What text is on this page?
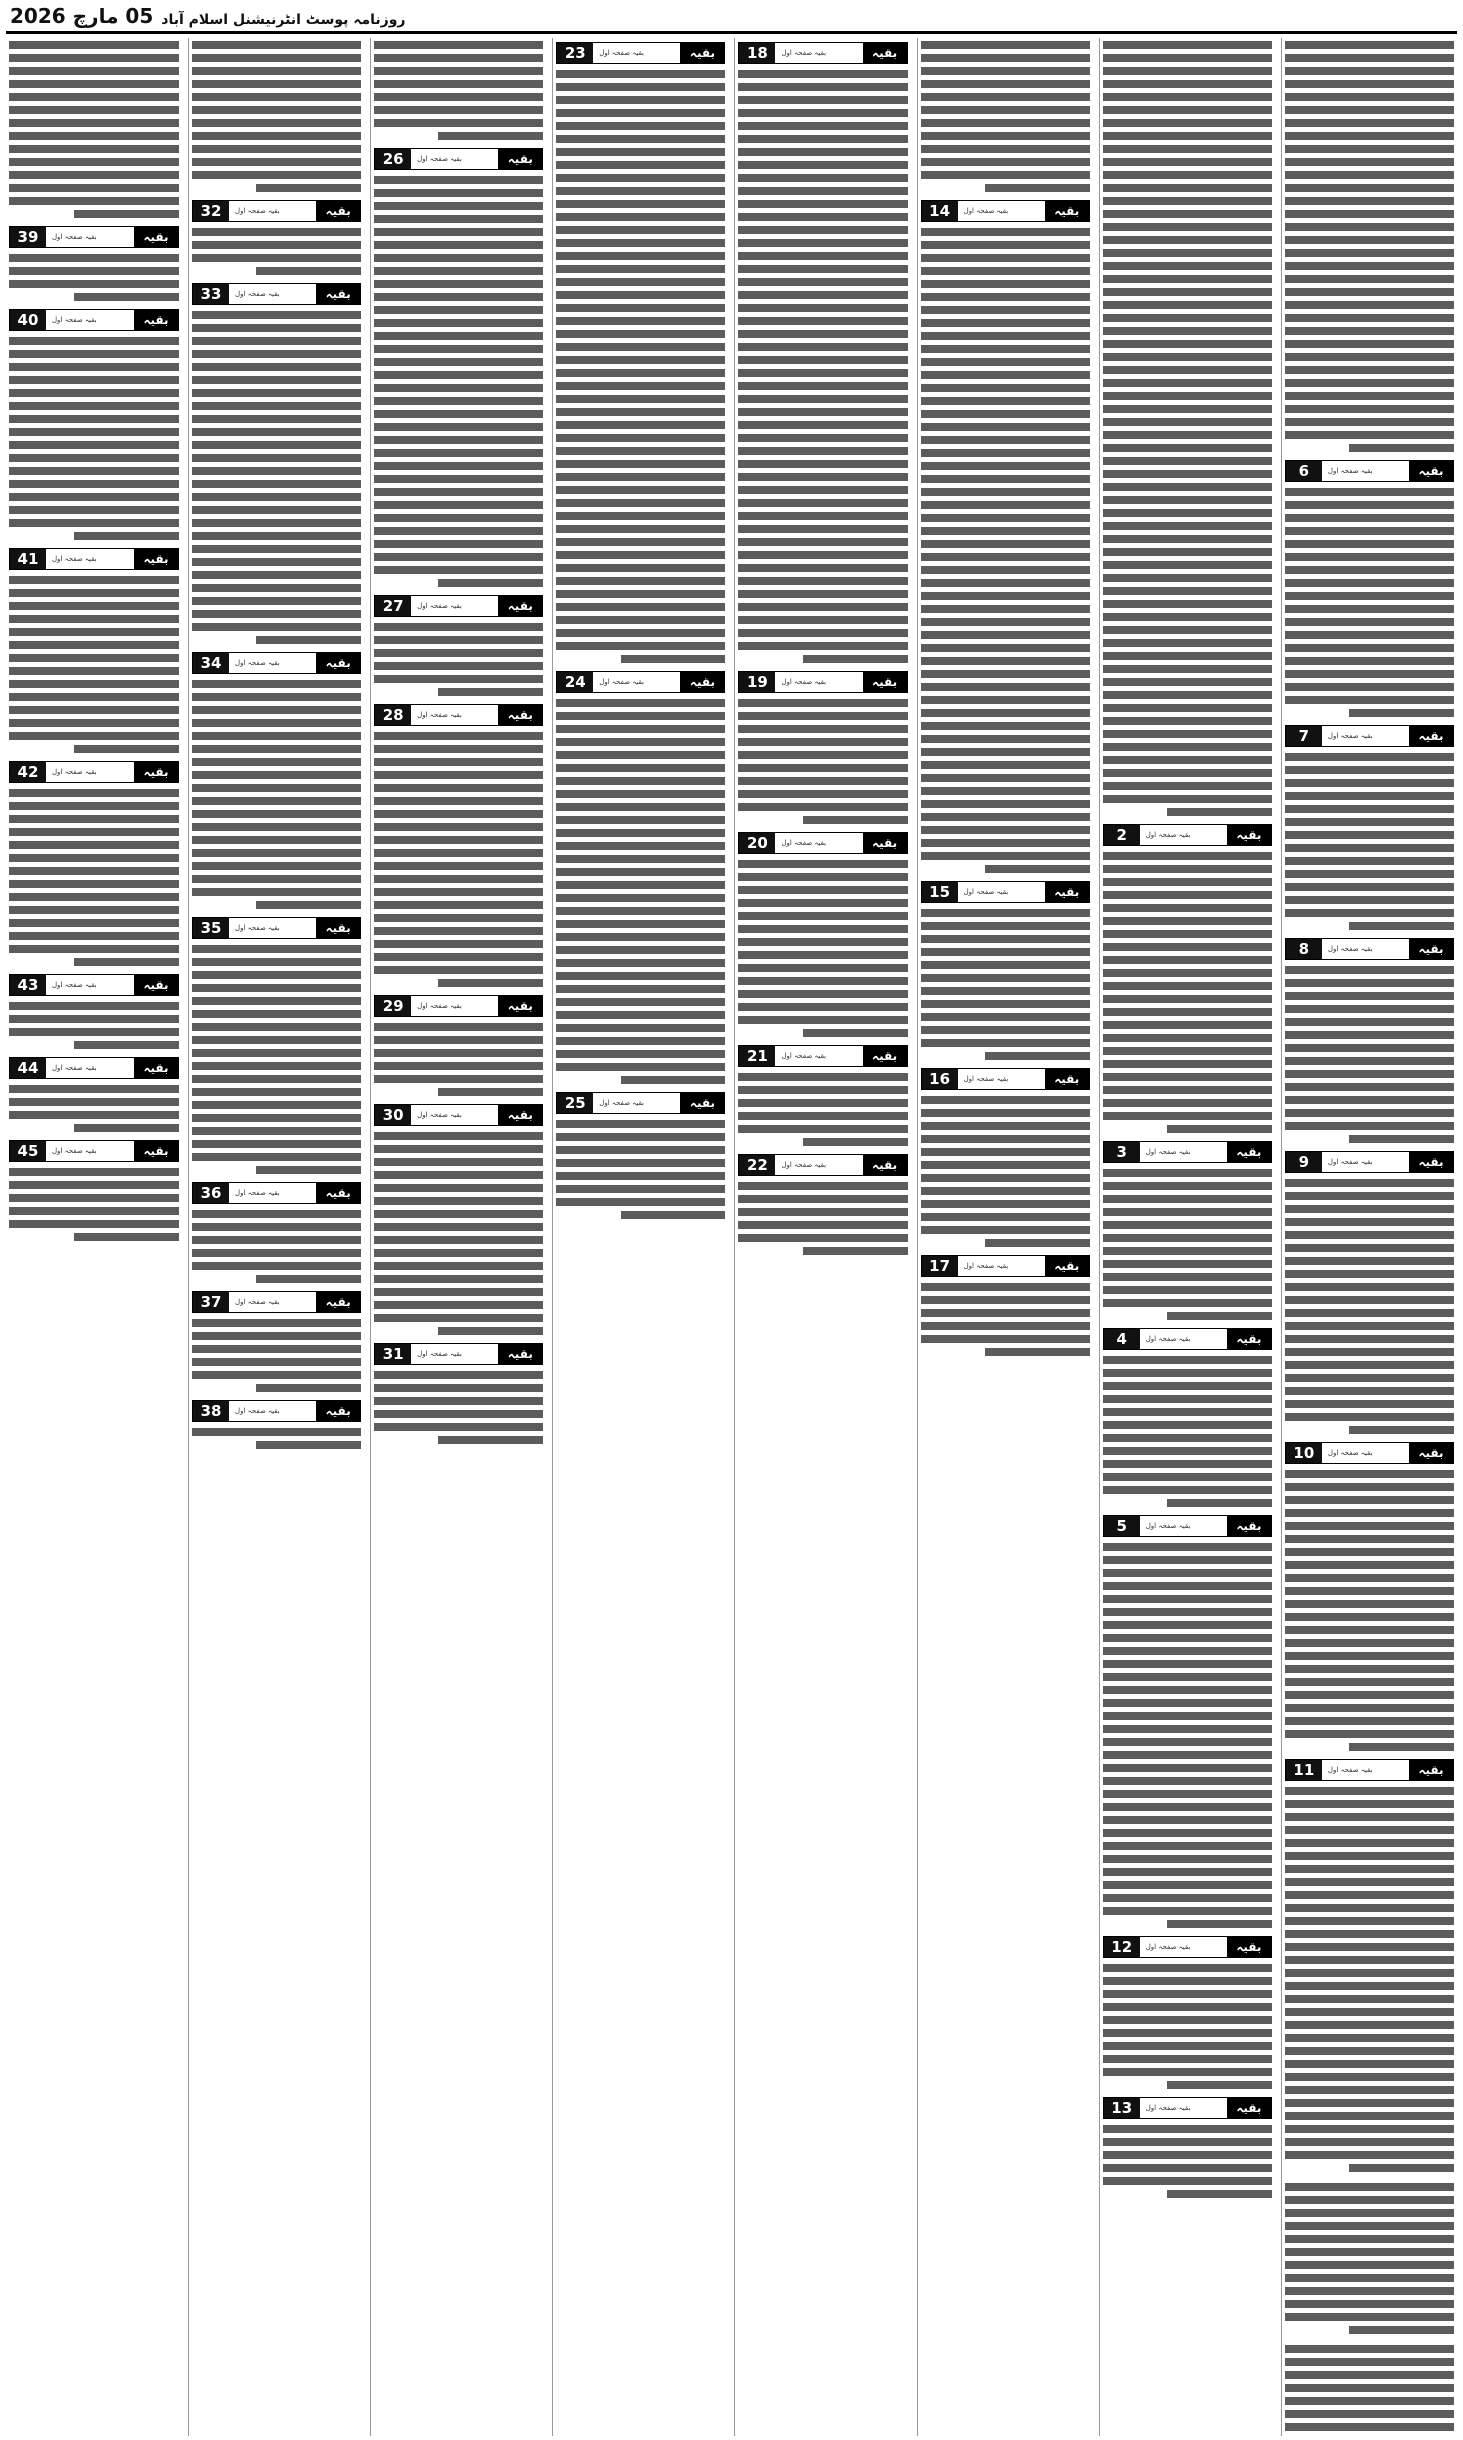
روزنامہ پوسٹ انٹرنیشنل اسلام آباد
05 مارچ 2026
بقیہ
بقیہ صفحہ اول
6
بقیہ
بقیہ صفحہ اول
7
بقیہ
بقیہ صفحہ اول
8
بقیہ
بقیہ صفحہ اول
9
بقیہ
بقیہ صفحہ اول
10
بقیہ
بقیہ صفحہ اول
11
بقیہ
بقیہ صفحہ اول
2
بقیہ
بقیہ صفحہ اول
3
بقیہ
بقیہ صفحہ اول
4
بقیہ
بقیہ صفحہ اول
5
بقیہ
بقیہ صفحہ اول
12
بقیہ
بقیہ صفحہ اول
13
بقیہ
بقیہ صفحہ اول
14
بقیہ
بقیہ صفحہ اول
15
بقیہ
بقیہ صفحہ اول
16
بقیہ
بقیہ صفحہ اول
17
بقیہ
بقیہ صفحہ اول
18
بقیہ
بقیہ صفحہ اول
19
بقیہ
بقیہ صفحہ اول
20
بقیہ
بقیہ صفحہ اول
21
بقیہ
بقیہ صفحہ اول
22
بقیہ
بقیہ صفحہ اول
23
بقیہ
بقیہ صفحہ اول
24
بقیہ
بقیہ صفحہ اول
25
بقیہ
بقیہ صفحہ اول
26
بقیہ
بقیہ صفحہ اول
27
بقیہ
بقیہ صفحہ اول
28
بقیہ
بقیہ صفحہ اول
29
بقیہ
بقیہ صفحہ اول
30
بقیہ
بقیہ صفحہ اول
31
بقیہ
بقیہ صفحہ اول
32
بقیہ
بقیہ صفحہ اول
33
بقیہ
بقیہ صفحہ اول
34
بقیہ
بقیہ صفحہ اول
35
بقیہ
بقیہ صفحہ اول
36
بقیہ
بقیہ صفحہ اول
37
بقیہ
بقیہ صفحہ اول
38
بقیہ
بقیہ صفحہ اول
39
بقیہ
بقیہ صفحہ اول
40
بقیہ
بقیہ صفحہ اول
41
بقیہ
بقیہ صفحہ اول
42
بقیہ
بقیہ صفحہ اول
43
بقیہ
بقیہ صفحہ اول
44
بقیہ
بقیہ صفحہ اول
45
